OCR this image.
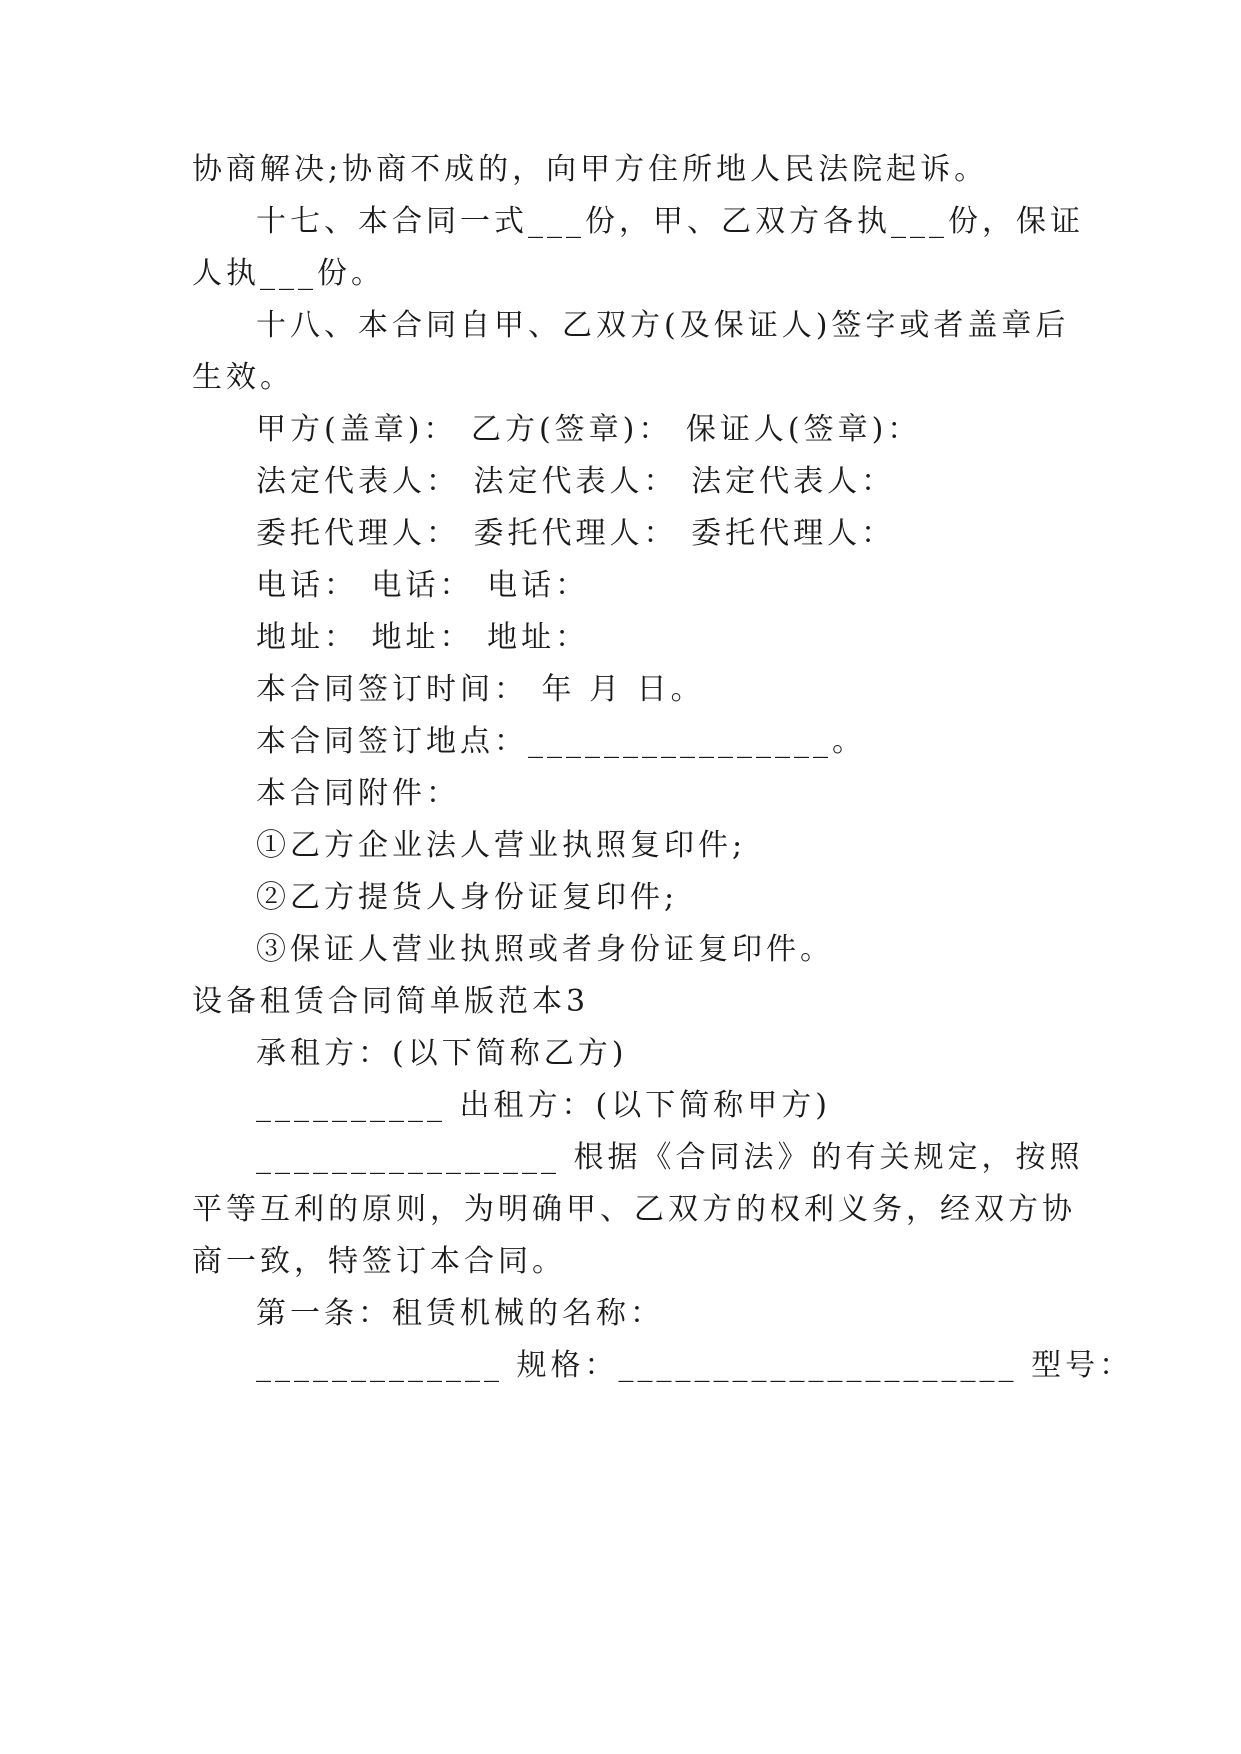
协商解决;协商不成的，向甲方住所地人民法院起诉。
十七、本合同一式___份，甲、乙双方各执___份，保证
人执___份。
十八、本合同自甲、乙双方(及保证人)签字或者盖章后
生效。
甲方(盖章)： 乙方(签章)： 保证人(签章)：
法定代表人： 法定代表人： 法定代表人：
委托代理人： 委托代理人： 委托代理人：
电话： 电话： 电话：
地址： 地址： 地址：
本合同签订时间： 年 月 日。
本合同签订地点：________________。
本合同附件：
①乙方企业法人营业执照复印件;
②乙方提货人身份证复印件;
③保证人营业执照或者身份证复印件。
设备租赁合同简单版范本3
承租方：(以下简称乙方)
__________ 出租方：(以下简称甲方)
________________ 根据《合同法》的有关规定，按照
平等互利的原则，为明确甲、乙双方的权利义务，经双方协
商一致，特签订本合同。
第一条：租赁机械的名称：
_____________ 规格：_____________________ 型号：
